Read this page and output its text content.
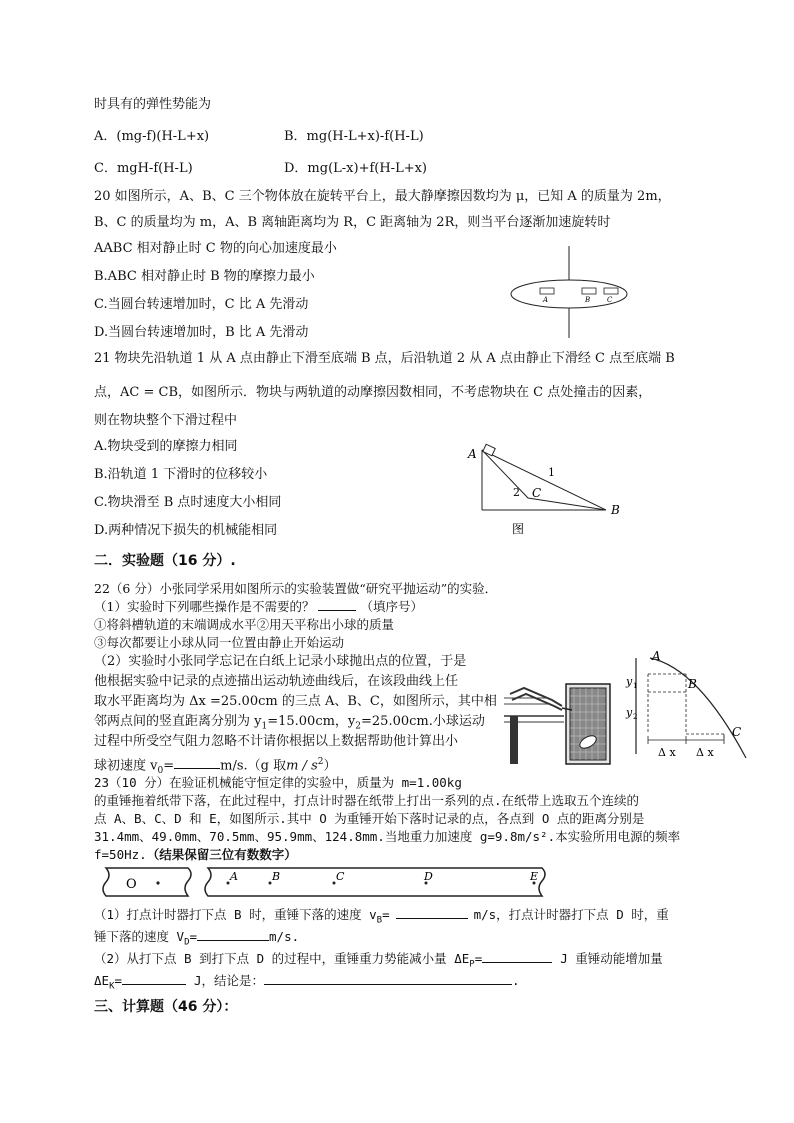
时具有的弹性势能为
A．(mg-f)(H-L+x)	B．mg(H-L+x)-f(H-L)
C．mgH-f(H-L)	D．mg(L-x)+f(H-L+x)
20 如图所示，A、B、C 三个物体放在旋转平台上，最大静摩擦因数均为 μ，已知 A 的质量为 2m，
B、C 的质量均为 m，A、B 离轴距离均为 R，C 距离轴为 2R，则当平台逐渐加速旋转时
AABC 相对静止时 C 物的向心加速度最小
B.ABC 相对静止时 B 物的摩擦力最小
C.当圆台转速增加时，C 比 A 先滑动
D.当圆台转速增加时，B 比 A 先滑动
A	B C
21 物块先沿轨道 1 从 A 点由静止下滑至底端 B 点，后沿轨道 2 从 A 点由静止下滑经 C 点至底端 B
点，AC = CB，如图所示．物块与两轨道的动摩擦因数相同，不考虑物块在 C 点处撞击的因素，
则在物块整个下滑过程中
A.物块受到的摩擦力相同
B.沿轨道 1 下滑时的位移较小
C.物块滑至 B 点时速度大小相同
D.两种情况下损失的机械能相同
A
B
C
1
2
图
二．实验题（16 分）.
22（6 分）小张同学采用如图所示的实验装置做“研究平抛运动”的实验．
（1）实验时下列哪些操作是不需要的？	（填序号）
①将斜槽轨道的末端调成水平②用天平称出小球的质量
③每次都要让小球从同一位置由静止开始运动
（2）实验时小张同学忘记在白纸上记录小球抛出点的位置，于是
他根据实验中记录的点迹描出运动轨迹曲线后，在该段曲线上任
取水平距离均为 Δx =25.00cm 的三点 A、B、C，如图所示，其中相
邻两点间的竖直距离分别为 $y_1=15.00cm$，$y_2=25.00cm$.小球运动
过程中所受空气阻力忽略不计请你根据以上数据帮助他计算出小
球初速度 $v_0=$	m/s.（g 取m / $s^2$）
A
B
C
y 1
y 2
Δ x Δ x
23（10 分）在验证机械能守恒定律的实验中，质量为 m=1.00kg
的重锤拖着纸带下落，在此过程中，打点计时器在纸带上打出一系列的点.在纸带上选取五个连续的
点 A、B、C、D 和 E，如图所示.其中 O 为重锤开始下落时记录的点，各点到 O 点的距离分别是
31.4mm、49.0mm、70.5mm、95.9mm、124.8mm.当地重力加速度 g=9.8m/s².本实验所用电源的频率
f=50Hz.（结果保留三位有数数字）
O
A	B	C	D	E
（1）打点计时器打下点 B 时，重锤下落的速度 $v_B=$	m/s，打点计时器打下点 D 时，重
锤下落的速度 $V_D=$	m/s.
（2）从打下点 B 到打下点 D 的过程中，重锤重力势能减小量 $\Delta E_P=$	J 重锤动能增加量
$\Delta E_K=$	J，结论是：	.
三、计算题（46 分）：
